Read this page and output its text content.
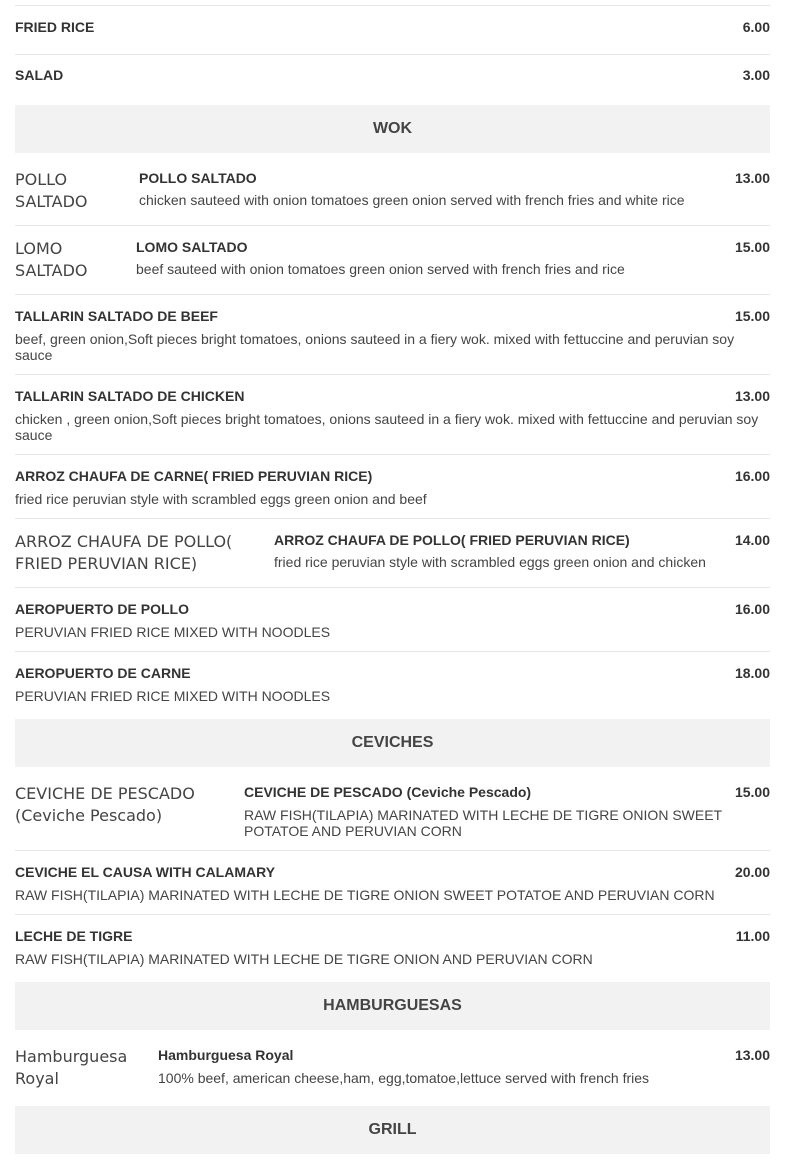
FRIED RICE	6.00
SALAD	3.00
WOK
POLLO SALTADO
POLLO SALTADO	13.00
chicken sauteed with onion tomatoes green onion served with french fries and white rice
LOMO SALTADO
LOMO SALTADO	15.00
beef sauteed with onion tomatoes green onion served with french fries and rice
TALLARIN SALTADO DE BEEF	15.00
beef, green onion,Soft pieces bright tomatoes, onions sauteed in a fiery wok. mixed with fettuccine and peruvian soy sauce
TALLARIN SALTADO DE CHICKEN	13.00
chicken , green onion,Soft pieces bright tomatoes, onions sauteed in a fiery wok. mixed with fettuccine and peruvian soy sauce
ARROZ CHAUFA DE CARNE( FRIED PERUVIAN RICE)	16.00
fried rice peruvian style with scrambled eggs green onion and beef
ARROZ CHAUFA DE POLLO( FRIED PERUVIAN RICE)
ARROZ CHAUFA DE POLLO( FRIED PERUVIAN RICE)	14.00
fried rice peruvian style with scrambled eggs green onion and chicken
AEROPUERTO DE POLLO	16.00
PERUVIAN FRIED RICE MIXED WITH NOODLES
AEROPUERTO DE CARNE	18.00
PERUVIAN FRIED RICE MIXED WITH NOODLES
CEVICHES
CEVICHE DE PESCADO (Ceviche Pescado)
CEVICHE DE PESCADO (Ceviche Pescado)	15.00
RAW FISH(TILAPIA) MARINATED WITH LECHE DE TIGRE ONION SWEET POTATOE AND PERUVIAN CORN
CEVICHE EL CAUSA WITH CALAMARY	20.00
RAW FISH(TILAPIA) MARINATED WITH LECHE DE TIGRE ONION SWEET POTATOE AND PERUVIAN CORN
LECHE DE TIGRE	11.00
RAW FISH(TILAPIA) MARINATED WITH LECHE DE TIGRE ONION AND PERUVIAN CORN
HAMBURGUESAS
Hamburguesa Royal
Hamburguesa Royal	13.00
100% beef, american cheese,ham, egg,tomatoe,lettuce served with french fries
GRILL
